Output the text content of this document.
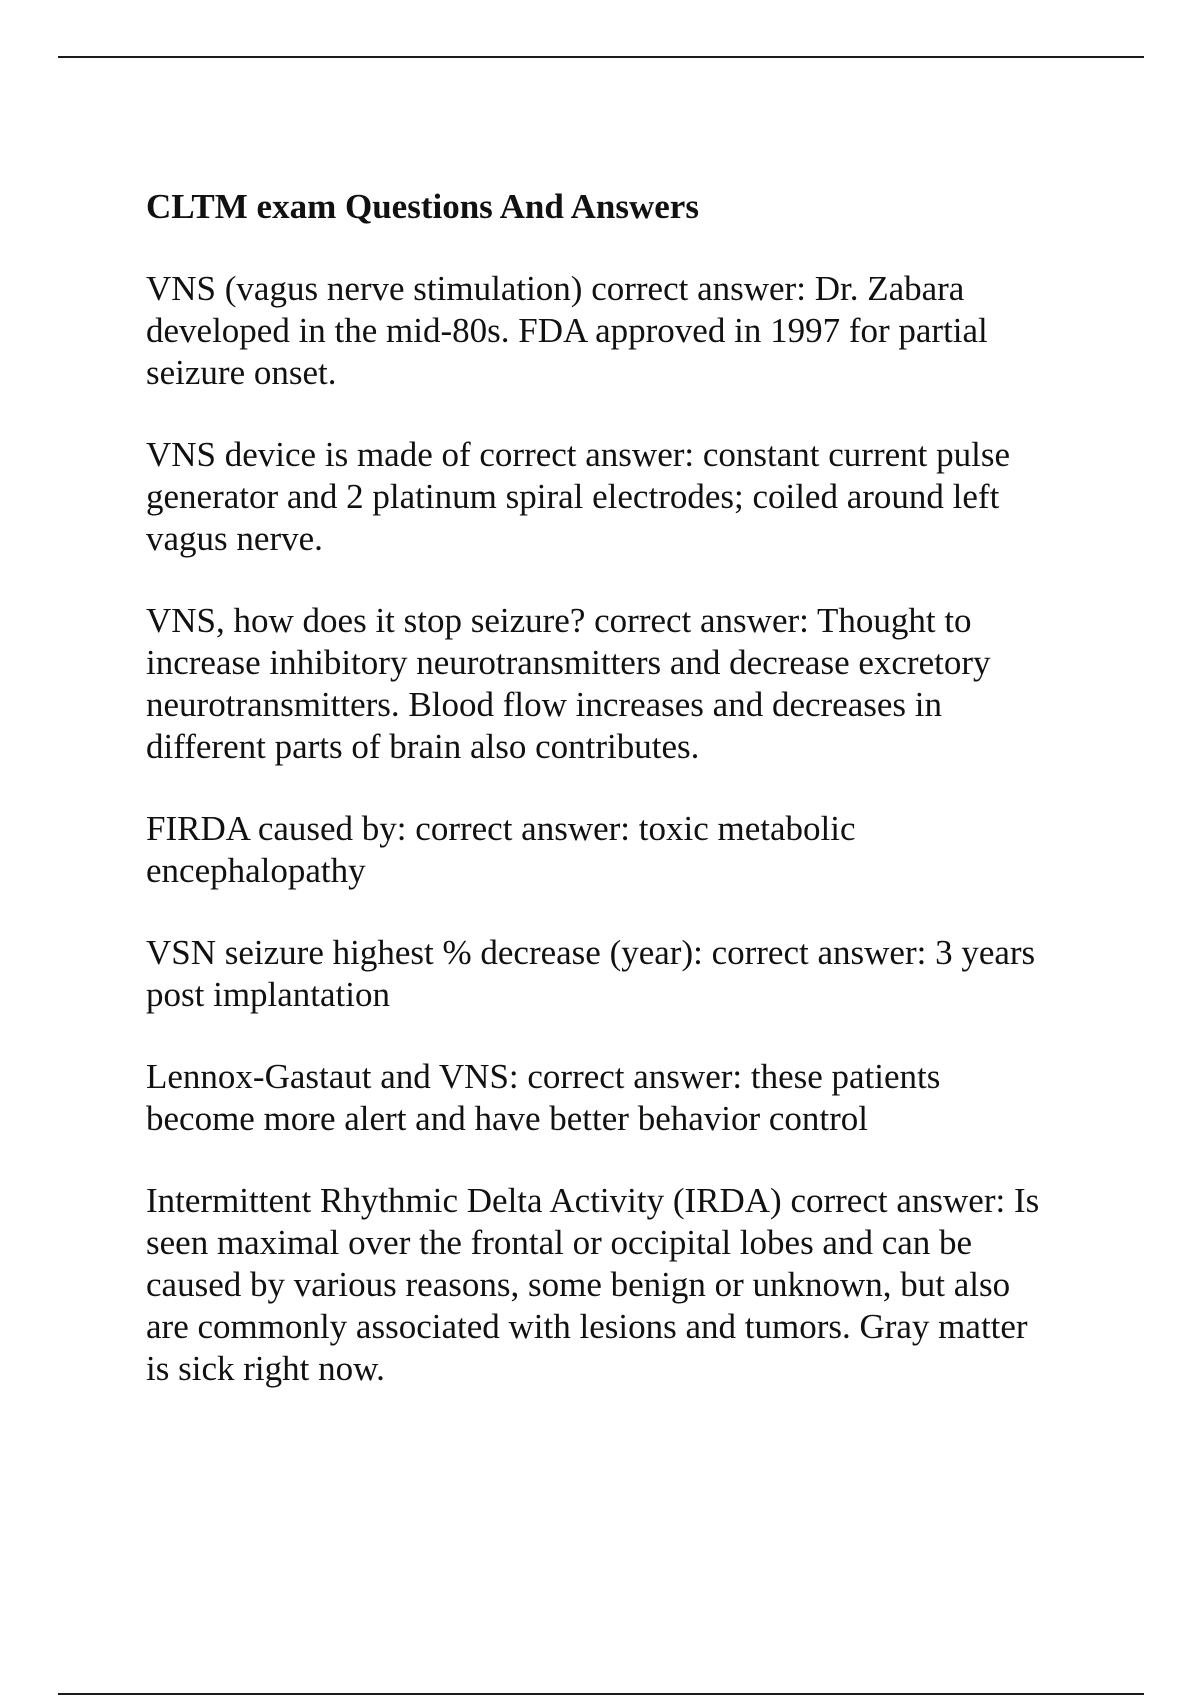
CLTM exam Questions And Answers
VNS (vagus nerve stimulation) correct answer: Dr. Zabara
developed in the mid-80s. FDA approved in 1997 for partial
seizure onset.
VNS device is made of correct answer: constant current pulse
generator and 2 platinum spiral electrodes; coiled around left
vagus nerve.
VNS, how does it stop seizure? correct answer: Thought to
increase inhibitory neurotransmitters and decrease excretory
neurotransmitters. Blood flow increases and decreases in
different parts of brain also contributes.
FIRDA caused by: correct answer: toxic metabolic
encephalopathy
VSN seizure highest % decrease (year): correct answer: 3 years
post implantation
Lennox-Gastaut and VNS: correct answer: these patients
become more alert and have better behavior control
Intermittent Rhythmic Delta Activity (IRDA) correct answer: Is
seen maximal over the frontal or occipital lobes and can be
caused by various reasons, some benign or unknown, but also
are commonly associated with lesions and tumors. Gray matter
is sick right now.
